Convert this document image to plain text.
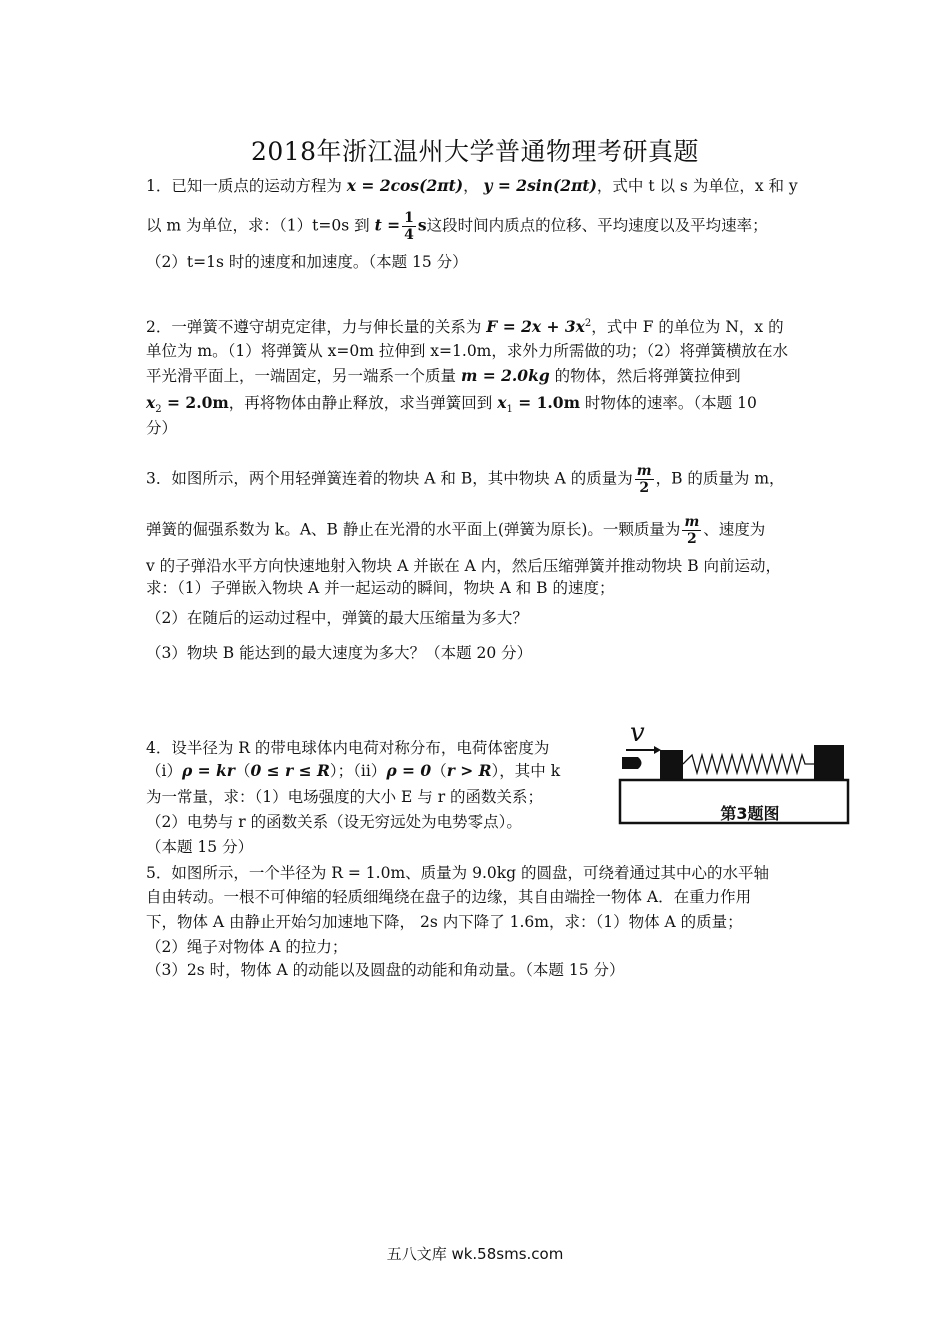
2018年浙江温州大学普通物理考研真题
1．已知一质点的运动方程为 x = 2cos(2πt)， y = 2sin(2πt)，式中 t 以 s 为单位，x 和 y
以 m 为单位，求：（1）t=0s 到 $t = \frac{1}{4}$ s这段时间内质点的位移、平均速度以及平均速率；
（2）t=1s 时的速度和加速度。（本题 15 分）
2．一弹簧不遵守胡克定律，力与伸长量的关系为 $F = 2x + 3x^2$，式中 F 的单位为 N，x 的
单位为 m。（1）将弹簧从 x=0m 拉伸到 x=1.0m，求外力所需做的功；（2）将弹簧横放在水
平光滑平面上，一端固定，另一端系一个质量 m = 2.0kg 的物体，然后将弹簧拉伸到
$x_2 = 2.0m$，再将物体由静止释放，求当弹簧回到 $x_1 = 1.0m$ 时物体的速率。（本题 10
分）
3．如图所示，两个用轻弹簧连着的物块 A 和 B，其中物块 A 的质量为 $\frac{m}{2}$ ，B 的质量为 m，
弹簧的倔强系数为 k。A、B 静止在光滑的水平面上(弹簧为原长)。一颗质量为 $\frac{m}{2}$ 、速度为
v 的子弹沿水平方向快速地射入物块 A 并嵌在 A 内，然后压缩弹簧并推动物块 B 向前运动，
求：（1）子弹嵌入物块 A 并一起运动的瞬间，物块 A 和 B 的速度；
（2）在随后的运动过程中，弹簧的最大压缩量为多大？
（3）物块 B 能达到的最大速度为多大？（本题 20 分）
v
第3题图
4．设半径为 R 的带电球体内电荷对称分布，电荷体密度为
（i）ρ = kr（0 ≤ r ≤ R）；（ii）ρ = 0（r > R），其中 k
为一常量，求：（1）电场强度的大小 E 与 r 的函数关系；
（2）电势与 r 的函数关系（设无穷远处为电势零点）。
（本题 15 分）
5．如图所示，一个半径为 R = 1.0m、质量为 9.0kg 的圆盘，可绕着通过其中心的水平轴
自由转动。一根不可伸缩的轻质细绳绕在盘子的边缘，其自由端拴一物体 A．在重力作用
下，物体 A 由静止开始匀加速地下降， 2s 内下降了 1.6m，求：（1）物体 A 的质量；
（2）绳子对物体 A 的拉力；
（3）2s 时，物体 A 的动能以及圆盘的动能和角动量。（本题 15 分）
五八文库 wk.58sms.com
